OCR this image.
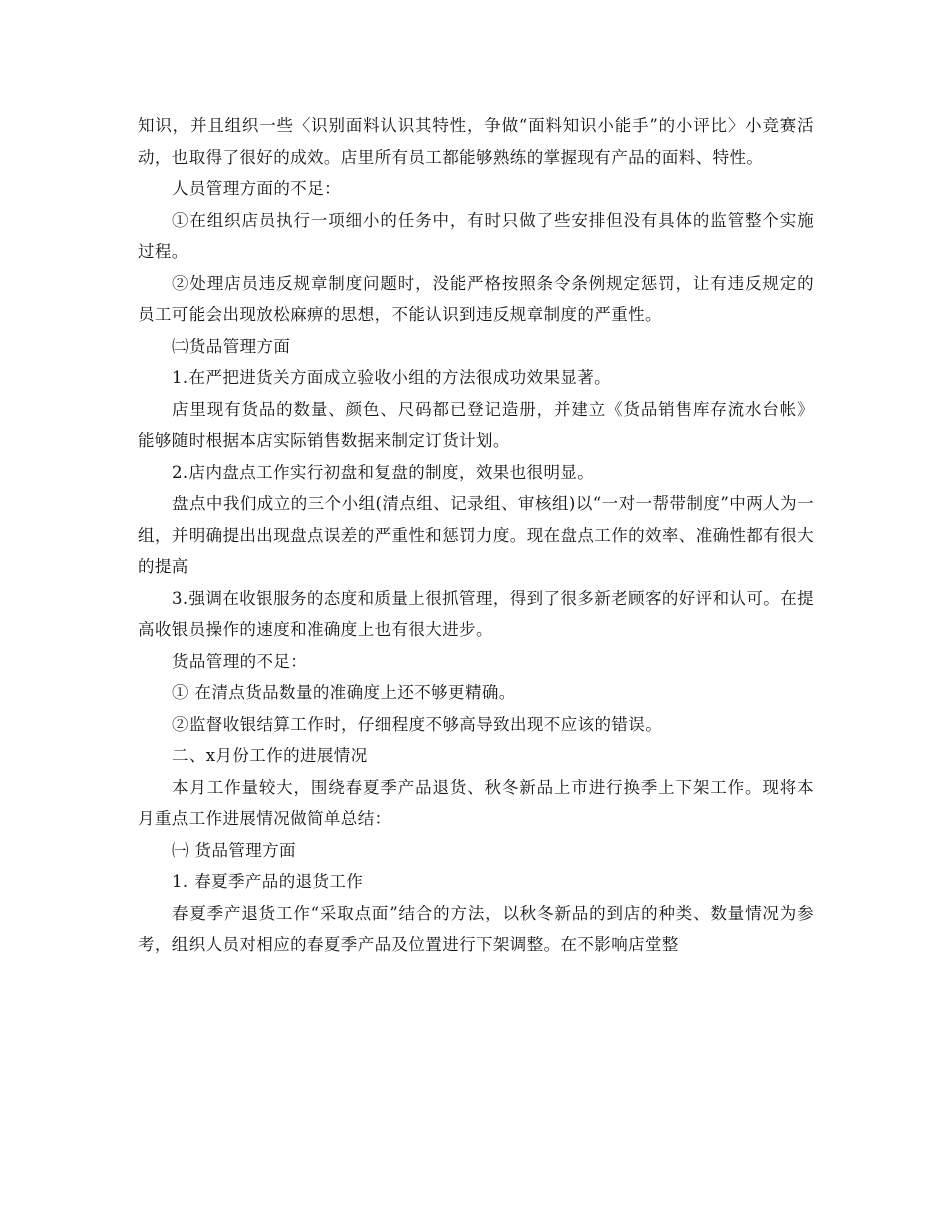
知识，并且组织一些〈识别面料认识其特性，争做“面料知识小能手”的小评比〉小竞赛活动，也取得了很好的成效。店里所有员工都能够熟练的掌握现有产品的面料、特性。

人员管理方面的不足：

①在组织店员执行一项细小的任务中，有时只做了些安排但没有具体的监管整个实施过程。

②处理店员违反规章制度问题时，没能严格按照条令条例规定惩罚，让有违反规定的员工可能会出现放松麻痹的思想，不能认识到违反规章制度的严重性。

㈡货品管理方面

1.在严把进货关方面成立验收小组的方法很成功效果显著。

店里现有货品的数量、颜色、尺码都已登记造册，并建立《货品销售库存流水台帐》能够随时根据本店实际销售数据来制定订货计划。

2.店内盘点工作实行初盘和复盘的制度，效果也很明显。

盘点中我们成立的三个小组(清点组、记录组、审核组)以“一对一帮带制度”中两人为一组，并明确提出出现盘点误差的严重性和惩罚力度。现在盘点工作的效率、准确性都有很大的提高

3.强调在收银服务的态度和质量上很抓管理，得到了很多新老顾客的好评和认可。在提高收银员操作的速度和准确度上也有很大进步。

货品管理的不足：

① 在清点货品数量的准确度上还不够更精确。

②监督收银结算工作时，仔细程度不够高导致出现不应该的错误。

二、x月份工作的进展情况

本月工作量较大，围绕春夏季产品退货、秋冬新品上市进行换季上下架工作。现将本月重点工作进展情况做简单总结：

㈠ 货品管理方面

1. 春夏季产品的退货工作

春夏季产退货工作“采取点面”结合的方法，以秋冬新品的到店的种类、数量情况为参考，组织人员对相应的春夏季产品及位置进行下架调整。在不影响店堂整
